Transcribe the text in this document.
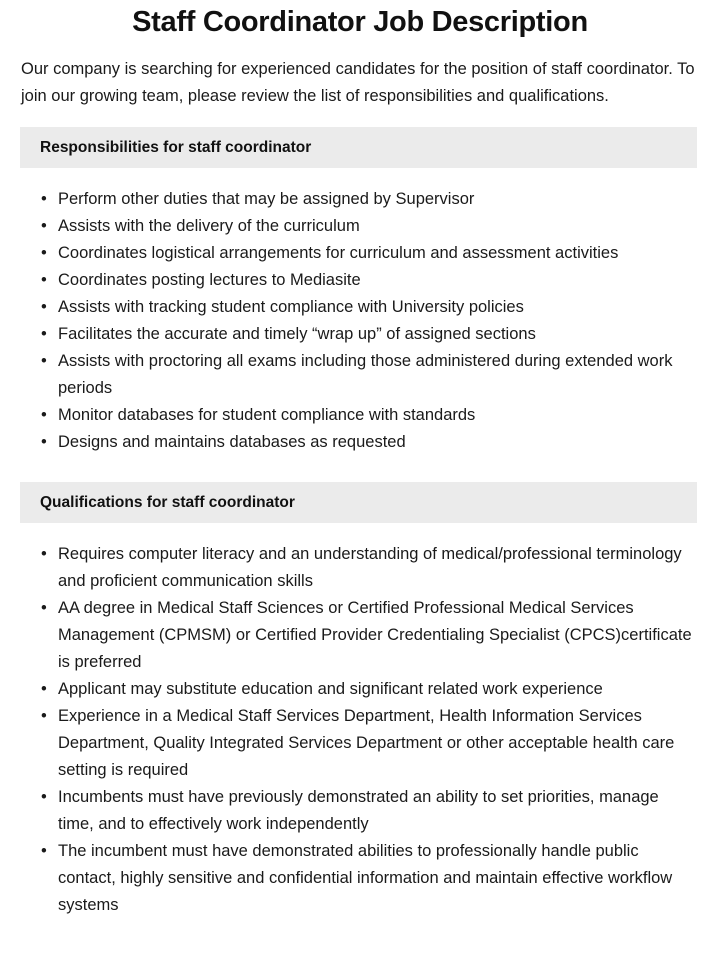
Staff Coordinator Job Description

Our company is searching for experienced candidates for the position of staff coordinator. To join our growing team, please review the list of responsibilities and qualifications.

Responsibilities for staff coordinator
• Perform other duties that may be assigned by Supervisor
• Assists with the delivery of the curriculum
• Coordinates logistical arrangements for curriculum and assessment activities
• Coordinates posting lectures to Mediasite
• Assists with tracking student compliance with University policies
• Facilitates the accurate and timely “wrap up” of assigned sections
• Assists with proctoring all exams including those administered during extended work periods
• Monitor databases for student compliance with standards
• Designs and maintains databases as requested
Qualifications for staff coordinator
• Requires computer literacy and an understanding of medical/professional terminology and proficient communication skills
• AA degree in Medical Staff Sciences or Certified Professional Medical Services Management (CPMSM) or Certified Provider Credentialing Specialist (CPCS)certificate is preferred
• Applicant may substitute education and significant related work experience
• Experience in a Medical Staff Services Department, Health Information Services Department, Quality Integrated Services Department or other acceptable health care setting is required
• Incumbents must have previously demonstrated an ability to set priorities, manage time, and to effectively work independently
• The incumbent must have demonstrated abilities to professionally handle public contact, highly sensitive and confidential information and maintain effective workflow systems
